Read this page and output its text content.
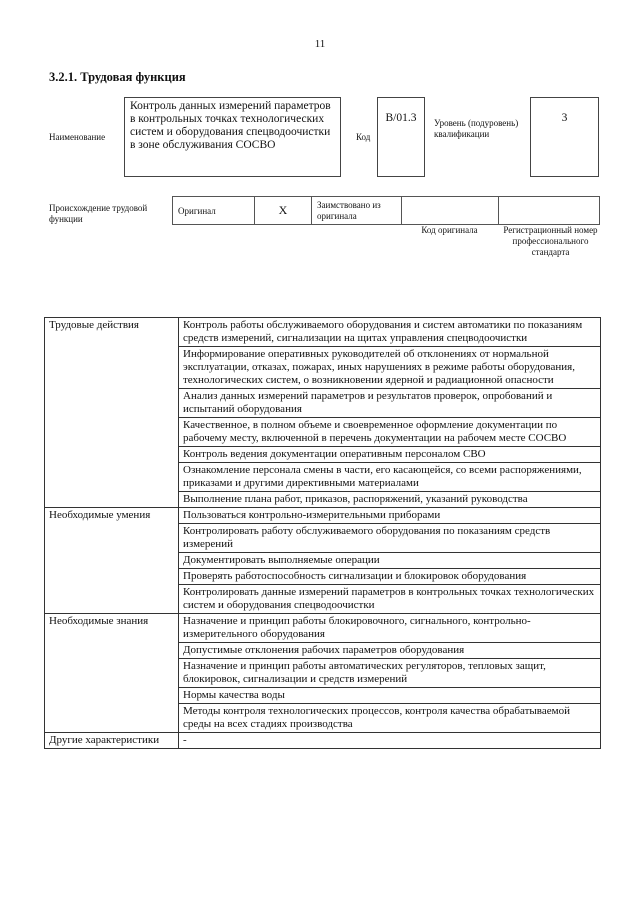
11
3.2.1. Трудовая функция
Наименование
Контроль данных измерений параметров в контрольных точках технологических систем и оборудования спецводоочистки в зоне обслуживания СОСВО
Код
B/01.3	Уровень (подуровень) квалификации
3
Происхождение трудовой функции
Оригинал	X	Заимствовано из оригинала		
Код оригинала	Регистрационный номер профессионального стандарта
Трудовые действия	Контроль работы обслуживаемого оборудования и систем автоматики по показаниям средств измерений, сигнализации на щитах управления спецводоочистки
	Информирование оперативных руководителей об отклонениях от нормальной эксплуатации, отказах, пожарах, иных нарушениях в режиме работы оборудования, технологических систем, о возникновении ядерной и радиационной опасности
	Анализ данных измерений параметров и результатов проверок, опробований и испытаний оборудования
	Качественное, в полном объеме и своевременное оформление документации по рабочему месту, включенной в перечень документации на рабочем месте СОСВО
	Контроль ведения документации оперативным персоналом СВО
	Ознакомление персонала смены в части, его касающейся, со всеми распоряжениями, приказами и другими директивными материалами
	Выполнение плана работ, приказов, распоряжений, указаний руководства
Необходимые умения	Пользоваться контрольно-измерительными приборами
	Контролировать работу обслуживаемого оборудования по показаниям средств измерений
	Документировать выполняемые операции
	Проверять работоспособность сигнализации и блокировок оборудования
	Контролировать данные измерений параметров в контрольных точках технологических систем и оборудования спецводоочистки
Необходимые знания	Назначение и принцип работы блокировочного, сигнального, контрольно-измерительного оборудования
	Допустимые отклонения рабочих параметров оборудования
	Назначение и принцип работы автоматических регуляторов, тепловых защит, блокировок, сигнализации и средств измерений
	Нормы качества воды
	Методы контроля технологических процессов, контроля качества обрабатываемой среды на всех стадиях производства
Другие характеристики	-
